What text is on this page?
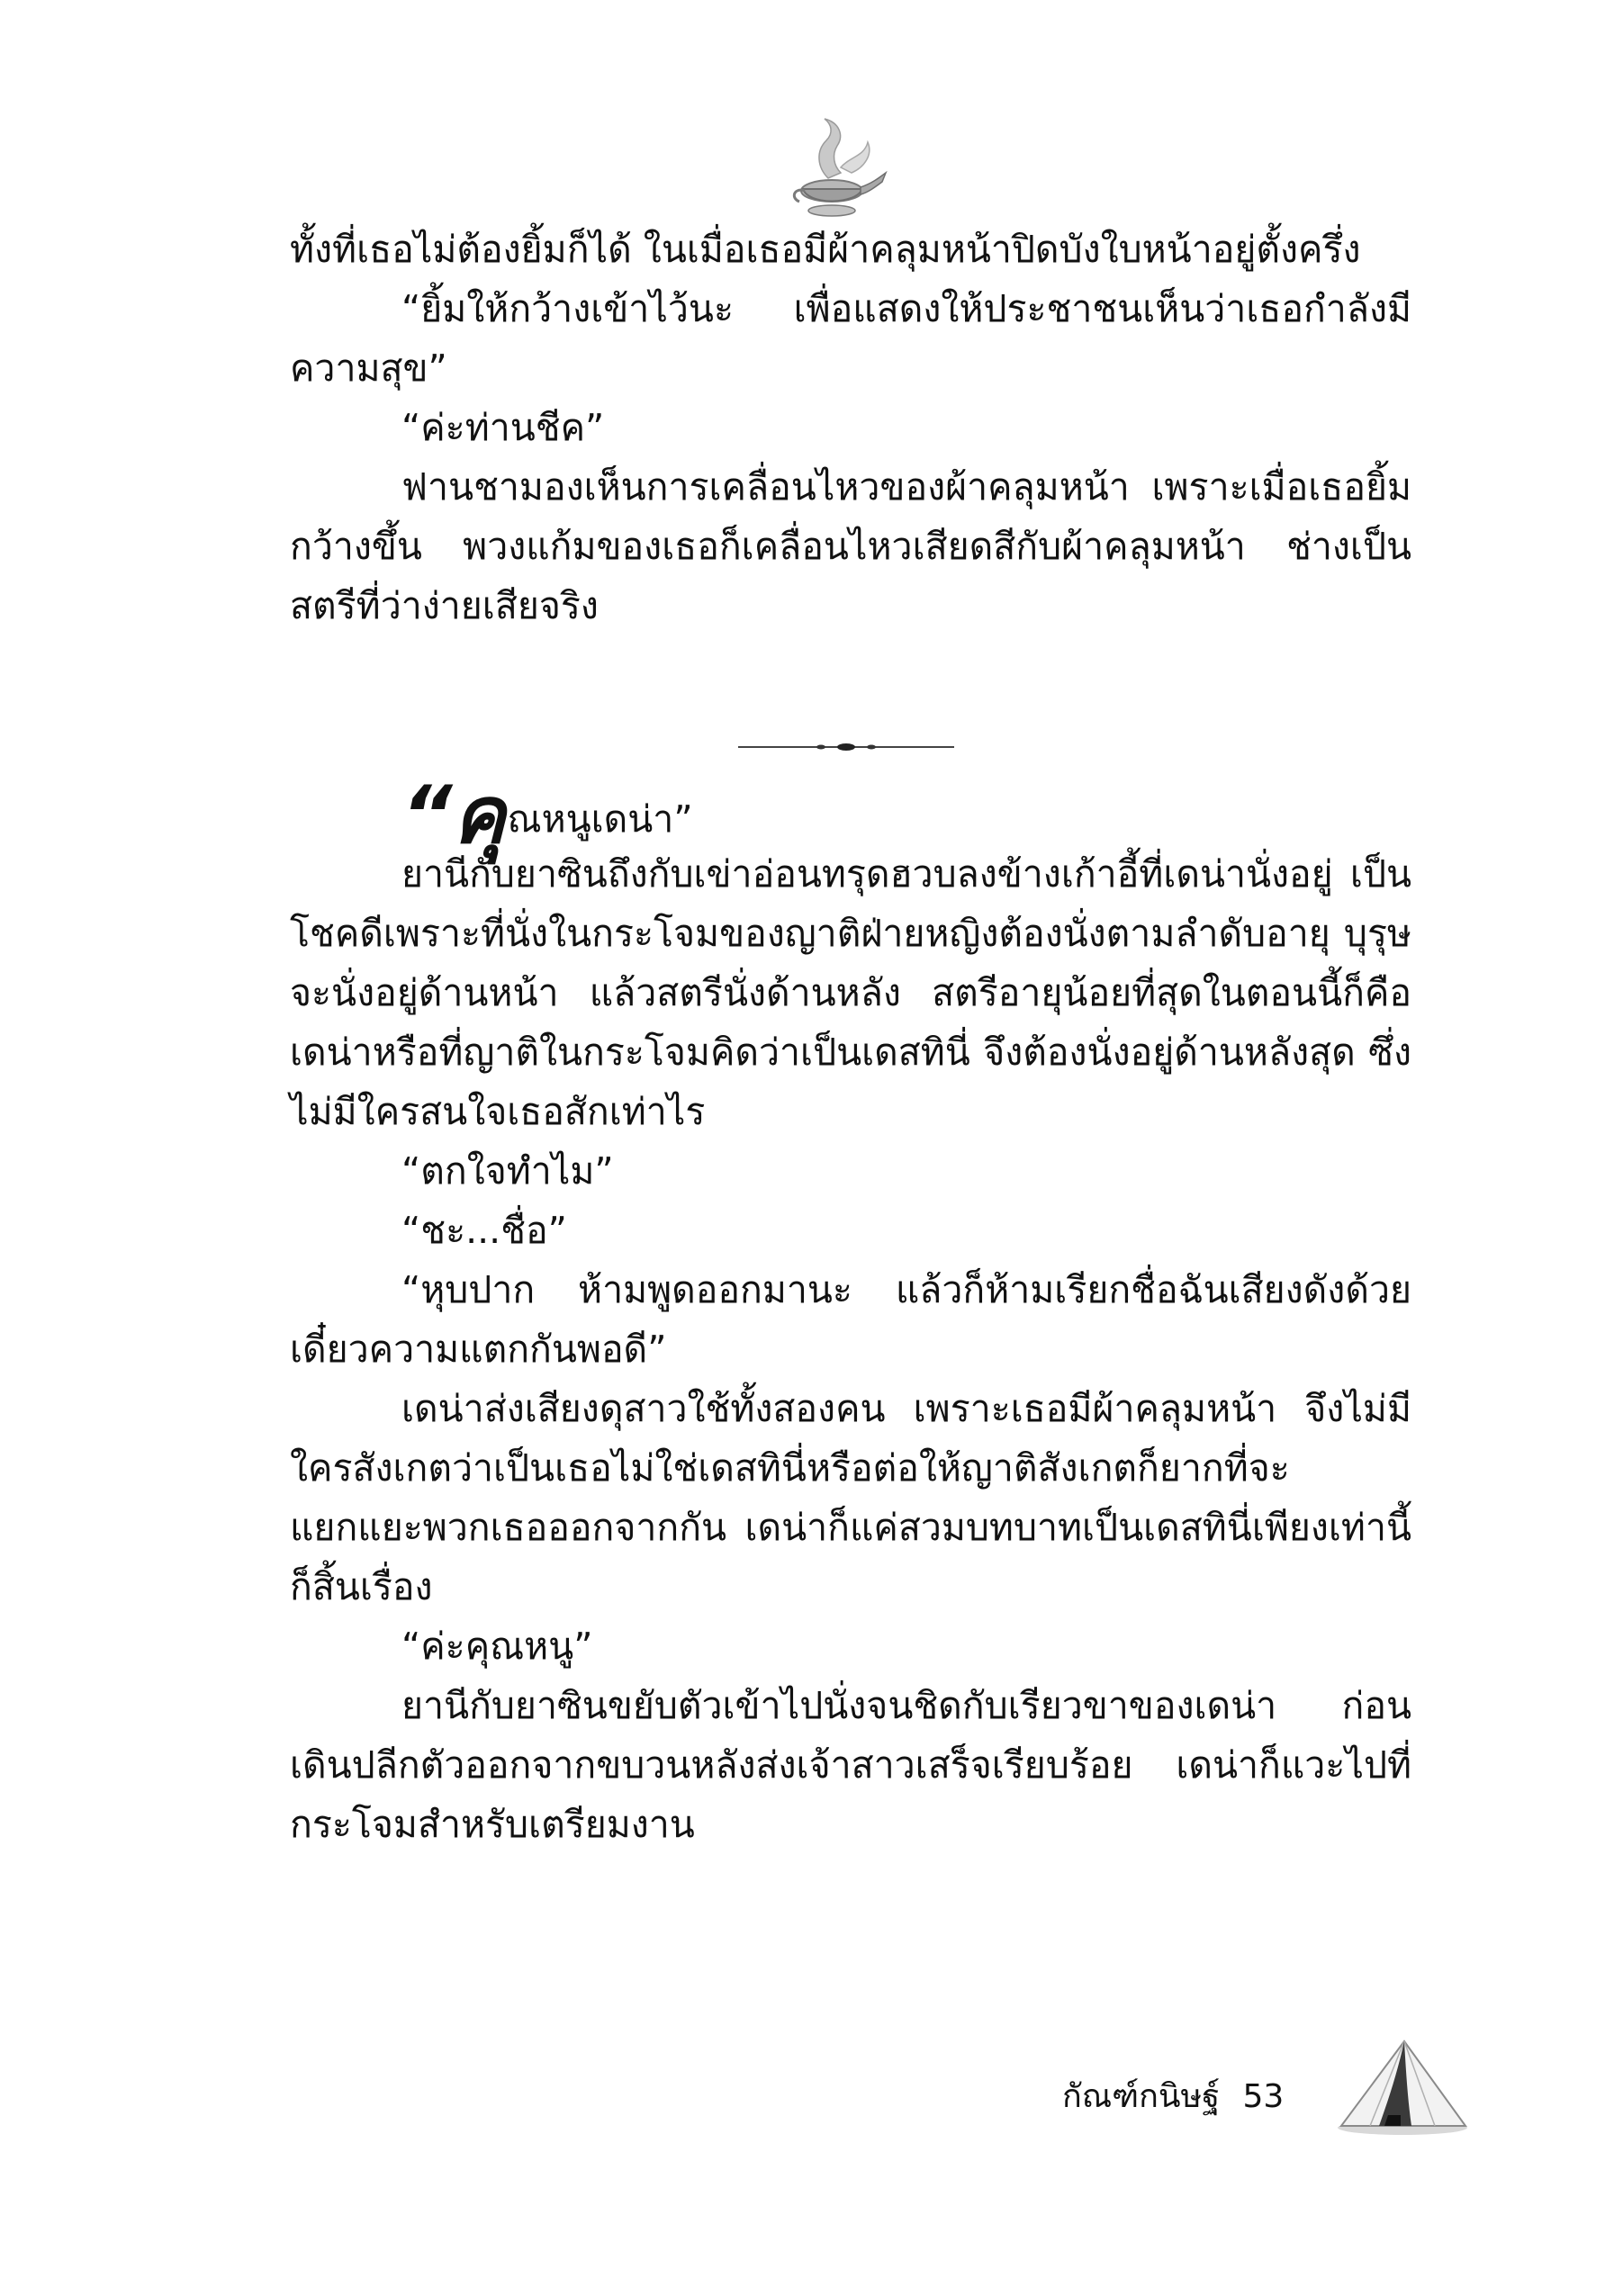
ทั้งที่เธอไม่ต้องยิ้มก็ได้ ในเมื่อเธอมีผ้าคลุมหน้าปิดบังใบหน้าอยู่ตั้งครึ่ง

“ยิ้มให้กว้างเข้าไว้นะ เพื่อแสดงให้ประชาชนเห็นว่าเธอกำลังมีความสุข”

“ค่ะท่านชีค”

ฟานชามองเห็นการเคลื่อนไหวของผ้าคลุมหน้า เพราะเมื่อเธอยิ้มกว้างขึ้น พวงแก้มของเธอก็เคลื่อนไหวเสียดสีกับผ้าคลุมหน้า ช่างเป็นสตรีที่ว่าง่ายเสียจริง

“คุณหนูเดน่า”

ยานีกับยาซินถึงกับเข่าอ่อนทรุดฮวบลงข้างเก้าอี้ที่เดน่านั่งอยู่ เป็นโชคดีเพราะที่นั่งในกระโจมของญาติฝ่ายหญิงต้องนั่งตามลำดับอายุ บุรุษจะนั่งอยู่ด้านหน้า แล้วสตรีนั่งด้านหลัง สตรีอายุน้อยที่สุดในตอนนี้ก็คือเดน่าหรือที่ญาติในกระโจมคิดว่าเป็นเดสทินี่ จึงต้องนั่งอยู่ด้านหลังสุด ซึ่งไม่มีใครสนใจเธอสักเท่าไร

“ตกใจทำไม”

“ชะ...ชื่อ”

“หุบปาก ห้ามพูดออกมานะ แล้วก็ห้ามเรียกชื่อฉันเสียงดังด้วย เดี๋ยวความแตกกันพอดี”

เดน่าส่งเสียงดุสาวใช้ทั้งสองคน เพราะเธอมีผ้าคลุมหน้า จึงไม่มีใครสังเกตว่าเป็นเธอไม่ใช่เดสทินี่หรือต่อให้ญาติสังเกตก็ยากที่จะแยกแยะพวกเธอออกจากกัน เดน่าก็แค่สวมบทบาทเป็นเดสทินี่เพียงเท่านี้ก็สิ้นเรื่อง

“ค่ะคุณหนู”

ยานีกับยาซินขยับตัวเข้าไปนั่งจนชิดกับเรียวขาของเดน่า ก่อนเดินปลีกตัวออกจากขบวนหลังส่งเจ้าสาวเสร็จเรียบร้อย เดน่าก็แวะไปที่กระโจมสำหรับเตรียมงาน

กัณฑ์กนิษฐ์ 53
